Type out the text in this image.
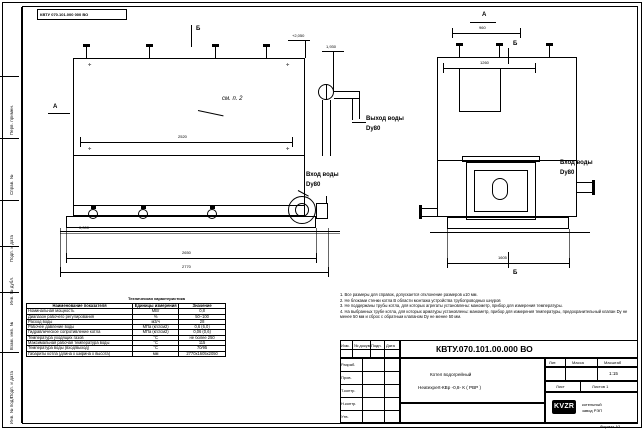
Перв. примен.
Справ. №
Подп. и дата
Инв. № дубл.
Взам. инв. №
Подп. и дата
Инв. № подл.
КВТУ 070.101.000 000 ВО
Б
А
+2,050
1,930
0,000
см. п. 2
Выход воды
Dy80
Вход воды
Dy80
✛	✛
✛	✛
2520
2650
2770
А
Б
Б
Вход воды
Dy80
960
1260
1605
1. Все размеры для справок, допускается отклонение размеров ±10 мм.
2. Не блоками стенки котла В области монтажа устройства трубопроводных шнуров
3. Не поддержаны трубы котла, для которых агрегаты установлены: манометр, прибор для измерения температуры.
4. На выбранных трубе котла, для которых арматуры установлены: манометр, прибор для измерения температуры, предохранительный клапан Dy не менее 50 мм и сброс с обратным клапаном Dy не менее 50 мм.
Техническая характеристика
Наименование показателя	Единицы измерения	Значение
Номинальная мощность	МВт	0,8
Диапазон рабочего регулирования	%	50–100
Расход воды	м3/ч	28
Рабочее давление воды	МПа (кгс/см2)	0,6 (6,0)
Гидравлическое сопротивление котла	МПа (кгс/см2)	0,06 (0,6)
Температура уходящих газов	°С	не более 250
Максимальная рабочая температура воды	°С	115
Температура воды (вход/выход)	°С	70/95
Габариты котла (длина х ширина х высота)	мм	2770х1605х2050	КВТУ.070.101.00.000 ВО
Разраб.
Пров.
Т.контр.
Н.контр.
Утв.
Изм. № докум. Подп. Дата
Котел водогрейный
Heatexpert-КВр -0,8- К ( РВР )
Лит.	Масса	Масштаб
1:15
Лист	Листов 1
KVZR котельный
завод РЭП
Формат А3
